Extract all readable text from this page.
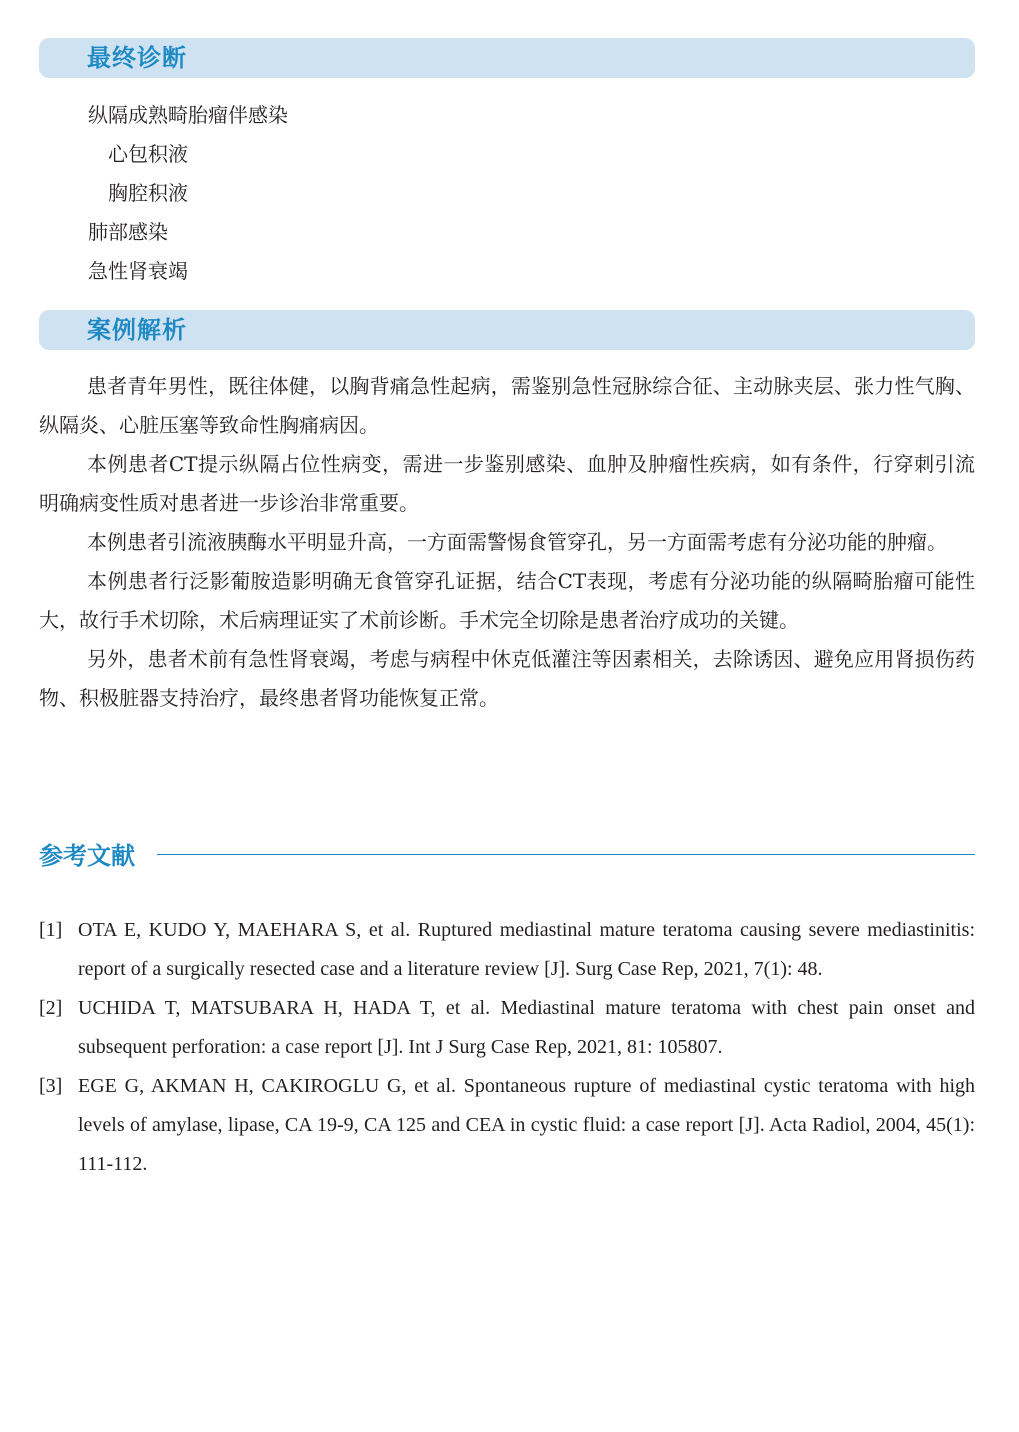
最终诊断
纵隔成熟畸胎瘤伴感染
心包积液
胸腔积液
肺部感染
急性肾衰竭
案例解析

患者青年男性，既往体健，以胸背痛急性起病，需鉴别急性冠脉综合征、主动脉夹层、张力性气胸、纵隔炎、心脏压塞等致命性胸痛病因。

本例患者CT提示纵隔占位性病变，需进一步鉴别感染、血肿及肿瘤性疾病，如有条件，行穿刺引流明确病变性质对患者进一步诊治非常重要。

本例患者引流液胰酶水平明显升高，一方面需警惕食管穿孔，另一方面需考虑有分泌功能的肿瘤。

本例患者行泛影葡胺造影明确无食管穿孔证据，结合CT表现，考虑有分泌功能的纵隔畸胎瘤可能性大，故行手术切除，术后病理证实了术前诊断。手术完全切除是患者治疗成功的关键。

另外，患者术前有急性肾衰竭，考虑与病程中休克低灌注等因素相关，去除诱因、避免应用肾损伤药物、积极脏器支持治疗，最终患者肾功能恢复正常。

参考文献
[1] OTA E, KUDO Y, MAEHARA S, et al. Ruptured mediastinal mature teratoma causing severe mediastinitis: report of a surgically resected case and a literature review [J]. Surg Case Rep, 2021, 7(1): 48.
[2] UCHIDA T, MATSUBARA H, HADA T, et al. Mediastinal mature teratoma with chest pain onset and subsequent perforation: a case report [J]. Int J Surg Case Rep, 2021, 81: 105807.
[3] EGE G, AKMAN H, CAKIROGLU G, et al. Spontaneous rupture of mediastinal cystic teratoma with high levels of amylase, lipase, CA 19-9, CA 125 and CEA in cystic fluid: a case report [J]. Acta Radiol, 2004, 45(1): 111-112.
